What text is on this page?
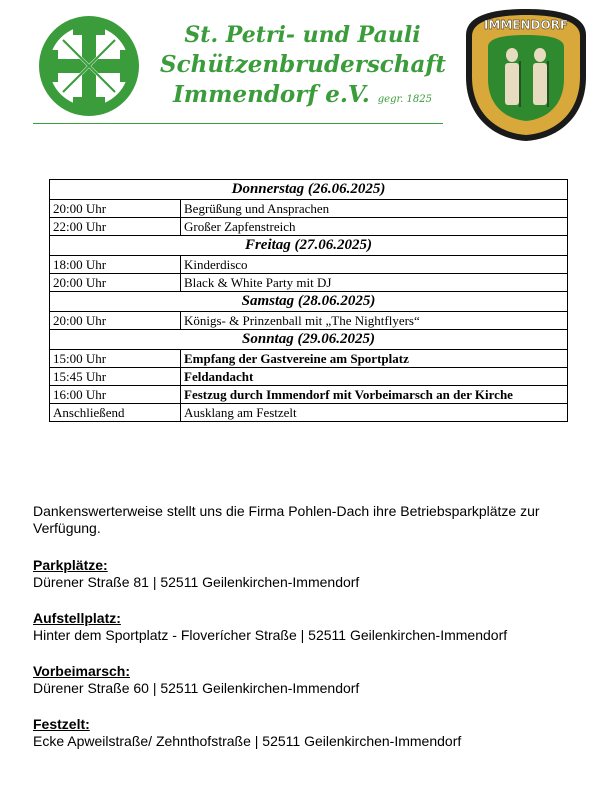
St. Petri- und Pauli
Schützenbruderschaft
Immendorf e.V. gegr. 1825
IMMENDORF
Donnerstag (26.06.2025)	
20:00 Uhr	Begrüßung und Ansprachen
22:00 Uhr	Großer Zapfenstreich
Freitag (27.06.2025)	
18:00 Uhr	Kinderdisco
20:00 Uhr	Black & White Party mit DJ
Samstag (28.06.2025)	
20:00 Uhr	Königs- & Prinzenball mit „The Nightflyers“
Sonntag (29.06.2025)	
15:00 Uhr	Empfang der Gastvereine am Sportplatz
15:45 Uhr	Feldandacht
16:00 Uhr	Festzug durch Immendorf mit Vorbeimarsch an der Kirche
Anschließend	Ausklang am Festzelt

Dankenswerterweise stellt uns die Firma Pohlen-Dach ihre Betriebsparkplätze zur Verfügung.

Parkplätze:

Dürener Straße 81 | 52511 Geilenkirchen-Immendorf

Aufstellplatz:

Hinter dem Sportplatz - Floverícher Straße | 52511 Geilenkirchen-Immendorf

Vorbeimarsch:

Dürener Straße 60 | 52511 Geilenkirchen-Immendorf

Festzelt:

Ecke Apweilstraße/ Zehnthofstraße | 52511 Geilenkirchen-Immendorf
